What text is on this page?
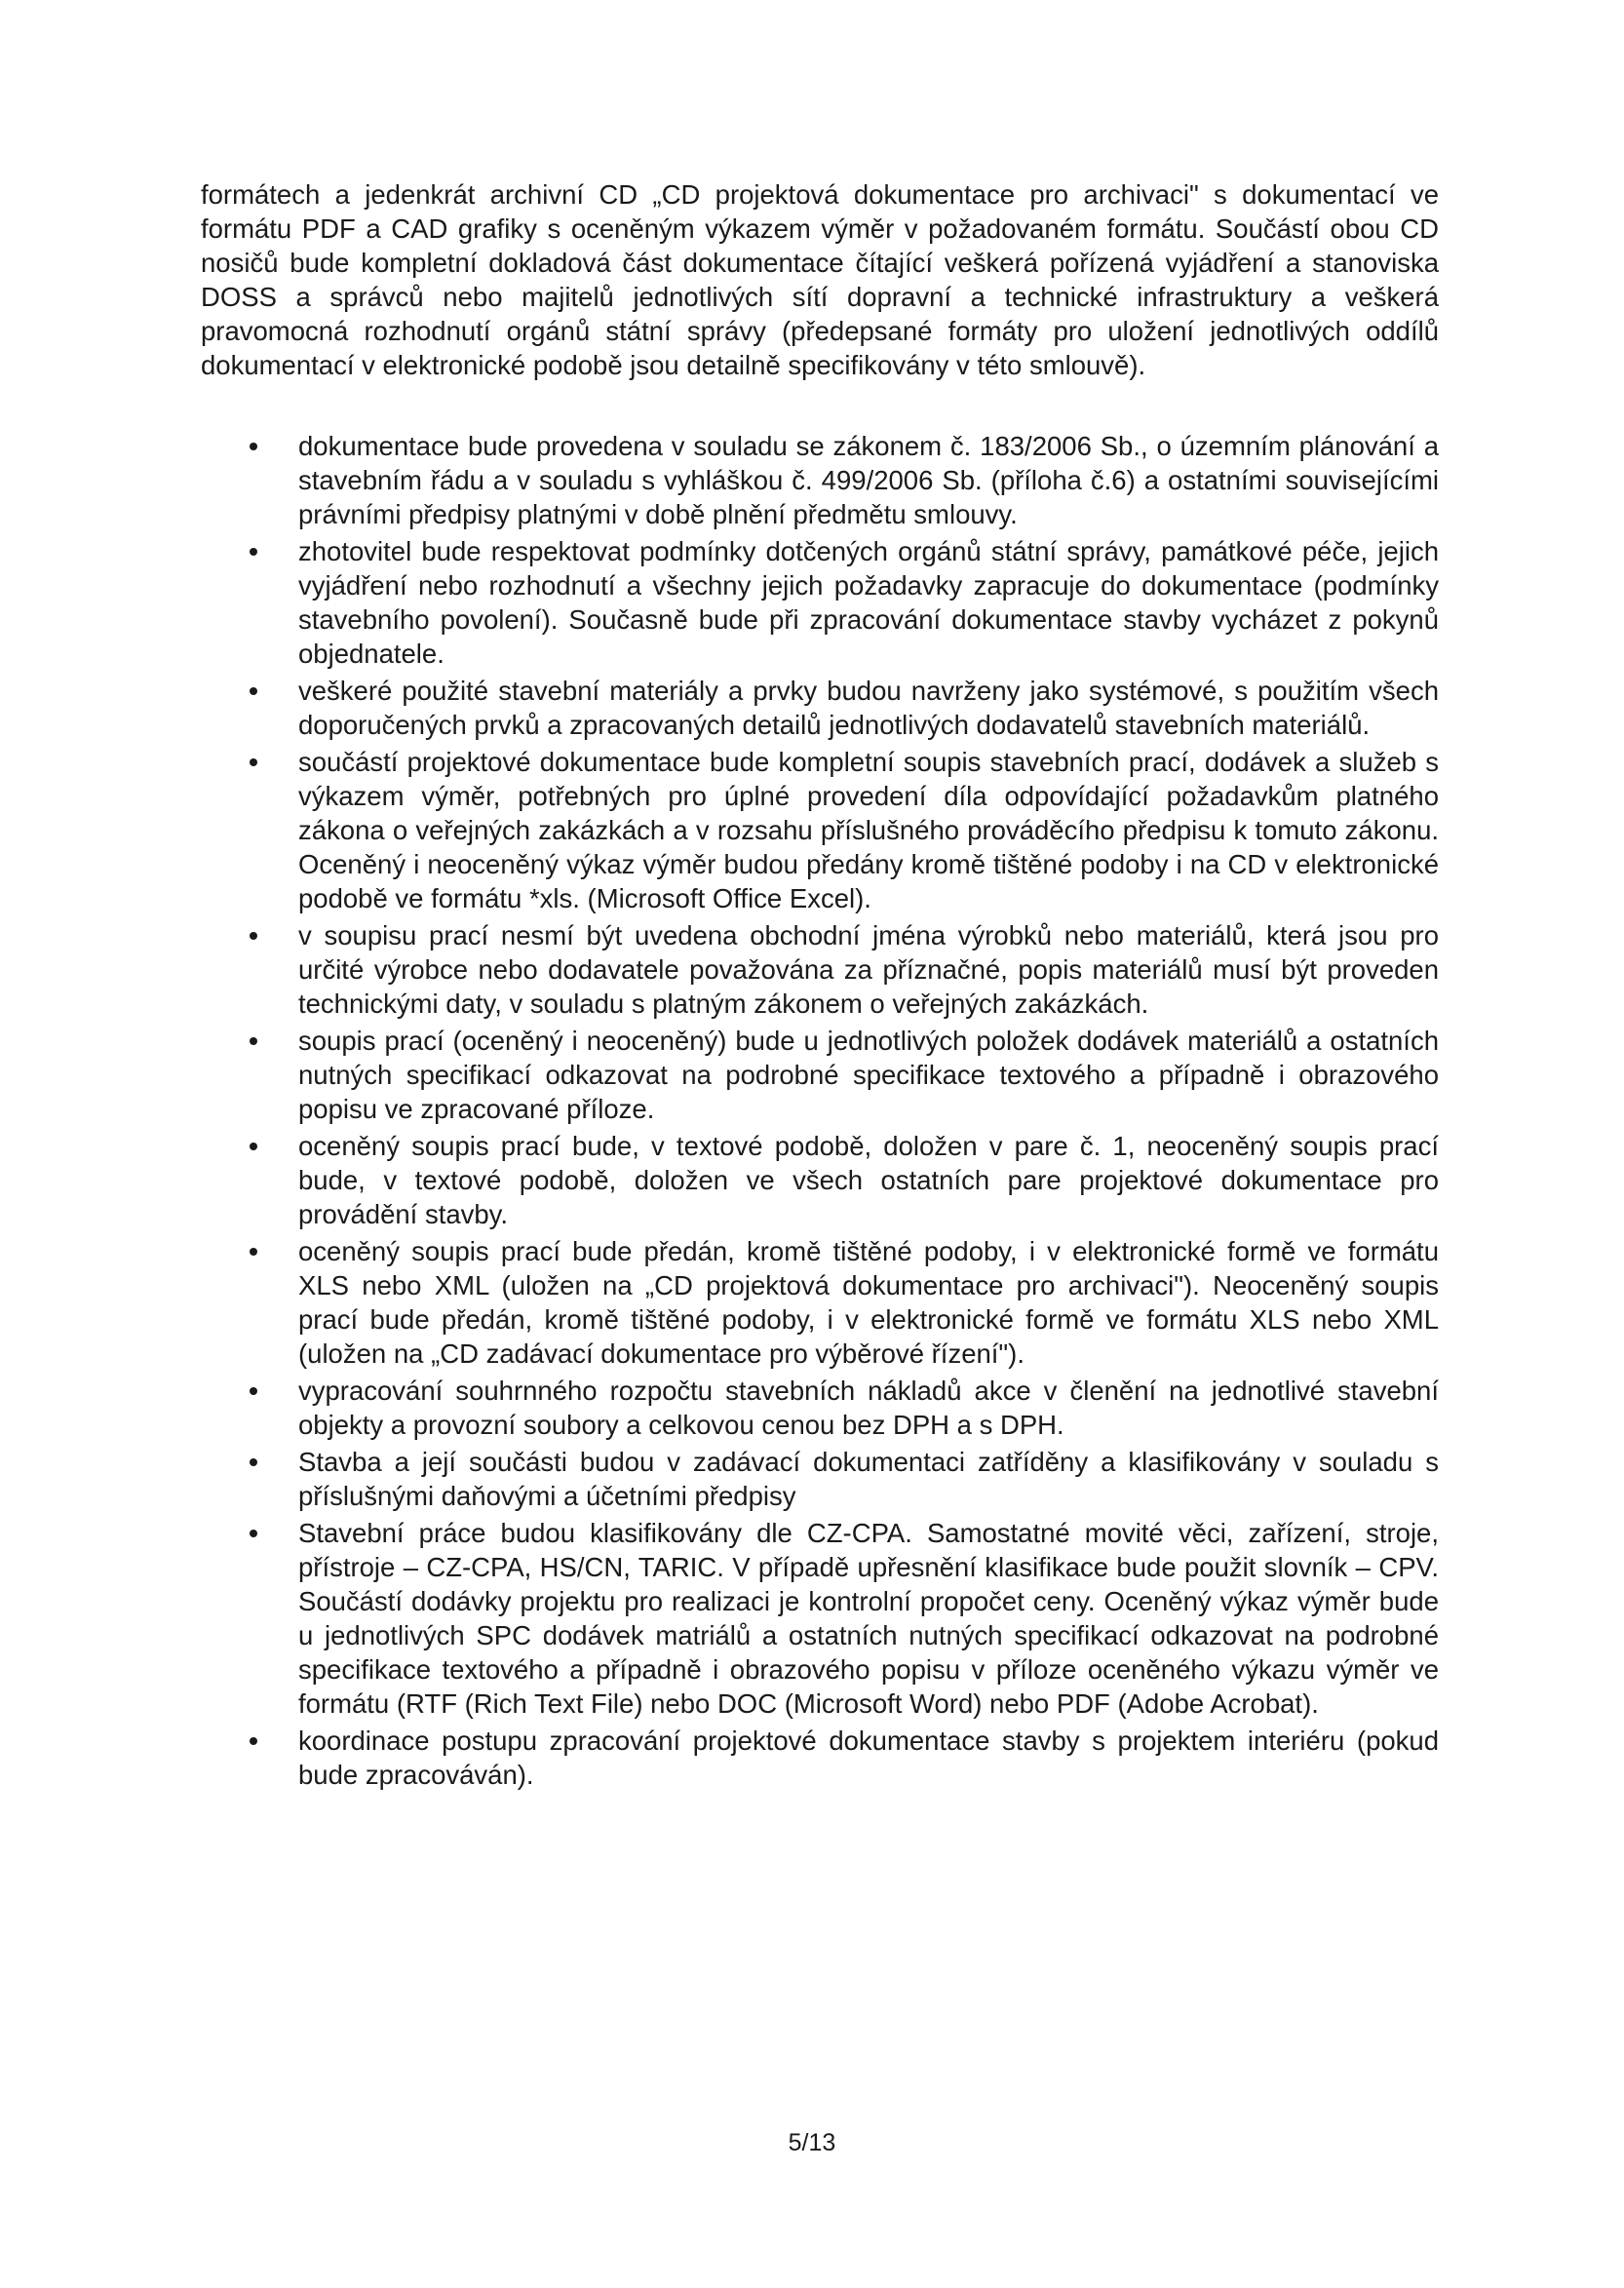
formátech a jedenkrát archivní CD „CD projektová dokumentace pro archivaci" s dokumentací ve formátu PDF a CAD grafiky s oceněným výkazem výměr v požadovaném formátu. Součástí obou CD nosičů bude kompletní dokladová část dokumentace čítající veškerá pořízená vyjádření a stanoviska DOSS a správců nebo majitelů jednotlivých sítí dopravní a technické infrastruktury a veškerá pravomocná rozhodnutí orgánů státní správy (předepsané formáty pro uložení jednotlivých oddílů dokumentací v elektronické podobě jsou detailně specifikovány v této smlouvě).

dokumentace bude provedena v souladu se zákonem č. 183/2006 Sb., o územním plánování a stavebním řádu a v souladu s vyhláškou č. 499/2006 Sb. (příloha č.6) a ostatními souvisejícími právními předpisy platnými v době plnění předmětu smlouvy.
zhotovitel bude respektovat podmínky dotčených orgánů státní správy, památkové péče, jejich vyjádření nebo rozhodnutí a všechny jejich požadavky zapracuje do dokumentace (podmínky stavebního povolení). Současně bude při zpracování dokumentace stavby vycházet z pokynů objednatele.
veškeré použité stavební materiály a prvky budou navrženy jako systémové, s použitím všech doporučených prvků a zpracovaných detailů jednotlivých dodavatelů stavebních materiálů.
součástí projektové dokumentace bude kompletní soupis stavebních prací, dodávek a služeb s výkazem výměr, potřebných pro úplné provedení díla odpovídající požadavkům platného zákona o veřejných zakázkách a v rozsahu příslušného prováděcího předpisu k tomuto zákonu. Oceněný i neoceněný výkaz výměr budou předány kromě tištěné podoby i na CD v elektronické podobě ve formátu *xls. (Microsoft Office Excel).
v soupisu prací nesmí být uvedena obchodní jména výrobků nebo materiálů, která jsou pro určité výrobce nebo dodavatele považována za příznačné, popis materiálů musí být proveden technickými daty, v souladu s platným zákonem o veřejných zakázkách.
soupis prací (oceněný i neoceněný) bude u jednotlivých položek dodávek materiálů a ostatních nutných specifikací odkazovat na podrobné specifikace textového a případně i obrazového popisu ve zpracované příloze.
oceněný soupis prací bude, v textové podobě, doložen v pare č. 1, neoceněný soupis prací bude, v textové podobě, doložen ve všech ostatních pare projektové dokumentace pro provádění stavby.
oceněný soupis prací bude předán, kromě tištěné podoby, i v elektronické formě ve formátu XLS nebo XML (uložen na „CD projektová dokumentace pro archivaci"). Neoceněný soupis prací bude předán, kromě tištěné podoby, i v elektronické formě ve formátu XLS nebo XML (uložen na „CD zadávací dokumentace pro výběrové řízení").
vypracování souhrnného rozpočtu stavebních nákladů akce v členění na jednotlivé stavební objekty a provozní soubory a celkovou cenou bez DPH a s DPH.
Stavba a její součásti budou v zadávací dokumentaci zatříděny a klasifikovány v souladu s příslušnými daňovými a účetními předpisy
Stavební práce budou klasifikovány dle CZ-CPA. Samostatné movité věci, zařízení, stroje, přístroje – CZ-CPA, HS/CN, TARIC. V případě upřesnění klasifikace bude použit slovník – CPV. Součástí dodávky projektu pro realizaci je kontrolní propočet ceny. Oceněný výkaz výměr bude u jednotlivých SPC dodávek matriálů a ostatních nutných specifikací odkazovat na podrobné specifikace textového a případně i obrazového popisu v příloze oceněného výkazu výměr ve formátu (RTF (Rich Text File) nebo DOC (Microsoft Word) nebo PDF (Adobe Acrobat).
koordinace postupu zpracování projektové dokumentace stavby s projektem interiéru (pokud bude zpracováván).
5/13
